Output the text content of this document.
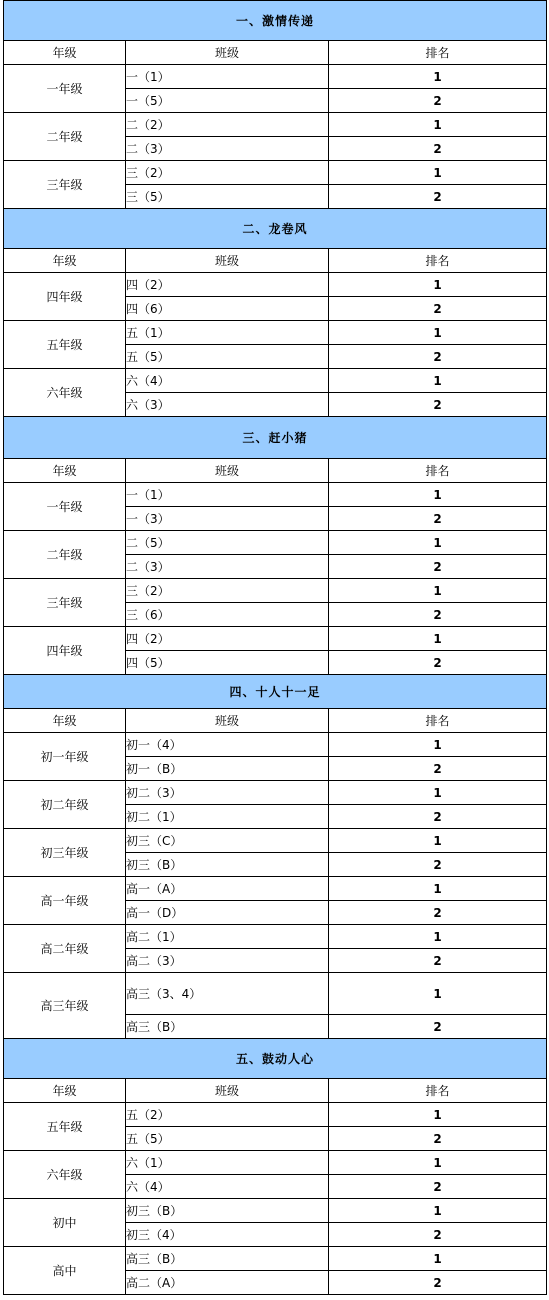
一、激情传递		
年级	班级	排名
一年级	一（1）	1
	一（5）	2
二年级	二（2）	1
	二（3）	2
三年级	三（2）	1
	三（5）	2
二、龙卷风		
年级	班级	排名
四年级	四（2）	1
	四（6）	2
五年级	五（1）	1
	五（5）	2
六年级	六（4）	1
	六（3）	2
三、赶小猪		
年级	班级	排名
一年级	一（1）	1
	一（3）	2
二年级	二（5）	1
	二（3）	2
三年级	三（2）	1
	三（6）	2
四年级	四（2）	1
	四（5）	2
四、十人十一足		
年级	班级	排名
初一年级	初一（4）	1
	初一（B）	2
初二年级	初二（3）	1
	初二（1）	2
初三年级	初三（C）	1
	初三（B）	2
高一年级	高一（A）	1
	高一（D）	2
高二年级	高二（1）	1
	高二（3）	2
高三年级	高三（3、4）	1
	高三（B）	2
五、鼓动人心		
年级	班级	排名
五年级	五（2）	1
	五（5）	2
六年级	六（1）	1
	六（4）	2
初中	初三（B）	1
	初三（4）	2
高中	高三（B）	1
	高二（A）	2
